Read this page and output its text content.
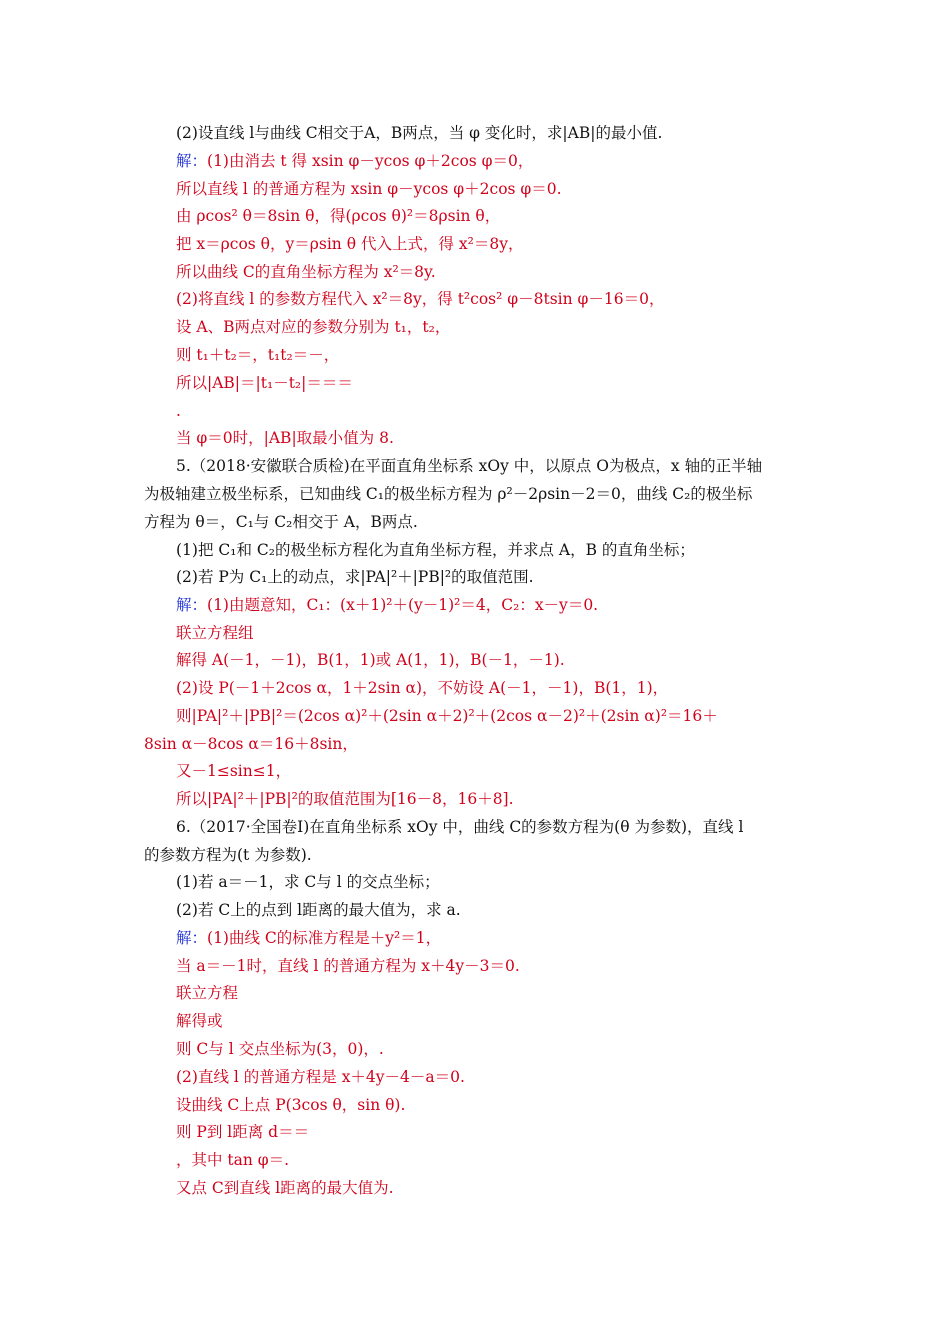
(2)设直线 l与曲线 C相交于A，B两点，当 φ 变化时，求|AB|的最小值.
解：(1)由消去 t 得 xsin φ－ycos φ＋2cos φ＝0，
所以直线 l 的普通方程为 xsin φ－ycos φ＋2cos φ＝0.
由 ρcos² θ＝8sin θ，得(ρcos θ)²＝8ρsin θ，
把 x＝ρcos θ，y＝ρsin θ 代入上式，得 x²＝8y，
所以曲线 C的直角坐标方程为 x²＝8y.
(2)将直线 l 的参数方程代入 x²＝8y，得 t²cos² φ－8tsin φ－16＝0，
设 A、B两点对应的参数分别为 t₁，t₂，
则 t₁＋t₂＝，t₁t₂＝－，
所以|AB|＝|t₁－t₂|＝＝＝
.
当 φ＝0时，|AB|取最小值为 8.
5.（2018·安徽联合质检)在平面直角坐标系 xOy 中，以原点 O为极点，x 轴的正半轴
为极轴建立极坐标系，已知曲线 C₁的极坐标方程为 ρ²－2ρsin－2＝0，曲线 C₂的极坐标
方程为 θ＝，C₁与 C₂相交于 A，B两点.
(1)把 C₁和 C₂的极坐标方程化为直角坐标方程，并求点 A，B 的直角坐标；
(2)若 P为 C₁上的动点，求|PA|²＋|PB|²的取值范围.
解：(1)由题意知，C₁：(x＋1)²＋(y－1)²＝4，C₂：x－y＝0.
联立方程组
解得 A(－1，－1)，B(1，1)或 A(1，1)，B(－1，－1).
(2)设 P(－1＋2cos α，1＋2sin α)，不妨设 A(－1，－1)，B(1，1)，
则|PA|²＋|PB|²＝(2cos α)²＋(2sin α＋2)²＋(2cos α－2)²＋(2sin α)²＝16＋
8sin α－8cos α＝16＋8sin，
又－1≤sin≤1，
所以|PA|²＋|PB|²的取值范围为[16－8，16＋8].
6.（2017·全国卷Ⅰ)在直角坐标系 xOy 中，曲线 C的参数方程为(θ 为参数)，直线 l
的参数方程为(t 为参数).
(1)若 a＝－1，求 C与 l 的交点坐标；
(2)若 C上的点到 l距离的最大值为，求 a.
解：(1)曲线 C的标准方程是＋y²＝1，
当 a＝－1时，直线 l 的普通方程为 x＋4y－3＝0.
联立方程
解得或
则 C与 l 交点坐标为(3，0)，.
(2)直线 l 的普通方程是 x＋4y－4－a＝0.
设曲线 C上点 P(3cos θ，sin θ).
则 P到 l距离 d＝＝
，其中 tan φ＝.
又点 C到直线 l距离的最大值为.
